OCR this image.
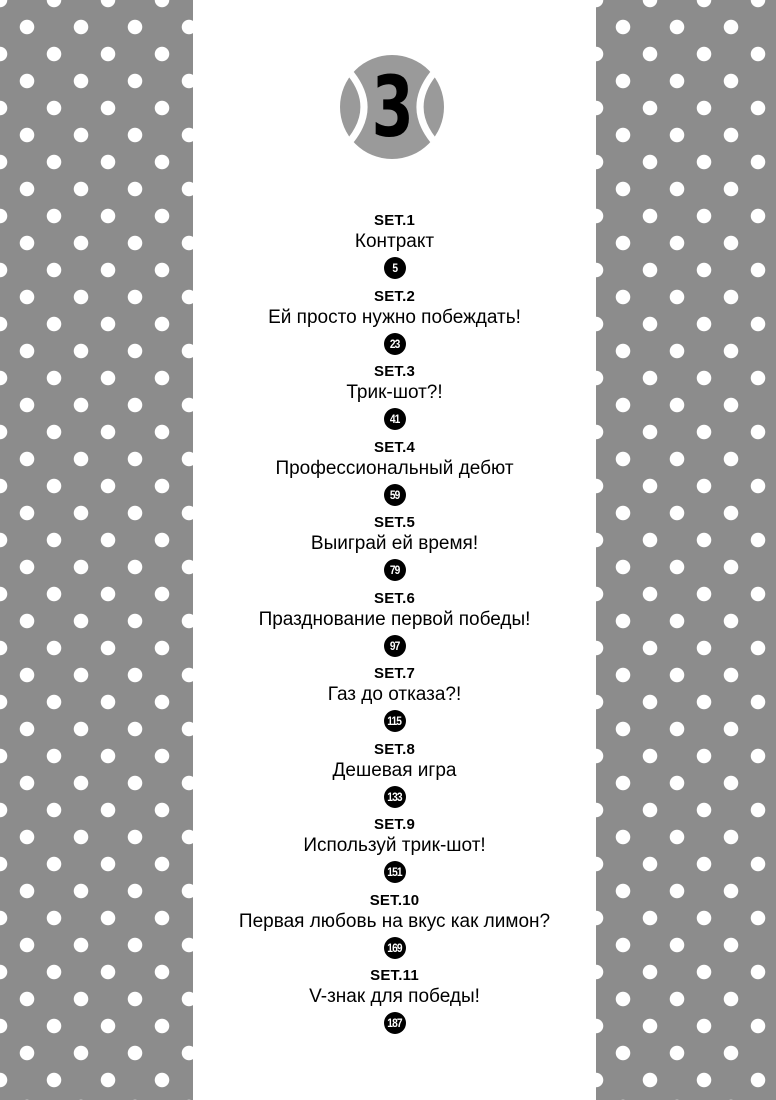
3
SET.1
Контракт
5
SET.2
Ей просто нужно побеждать!
23
SET.3
Трик-шот?!
41
SET.4
Профессиональный дебют
59
SET.5
Выиграй ей время!
79
SET.6
Празднование первой победы!
97
SET.7
Газ до отказа?!
115
SET.8
Дешевая игра
133
SET.9
Используй трик-шот!
151
SET.10
Первая любовь на вкус как лимон?
169
SET.11
V-знак для победы!
187
